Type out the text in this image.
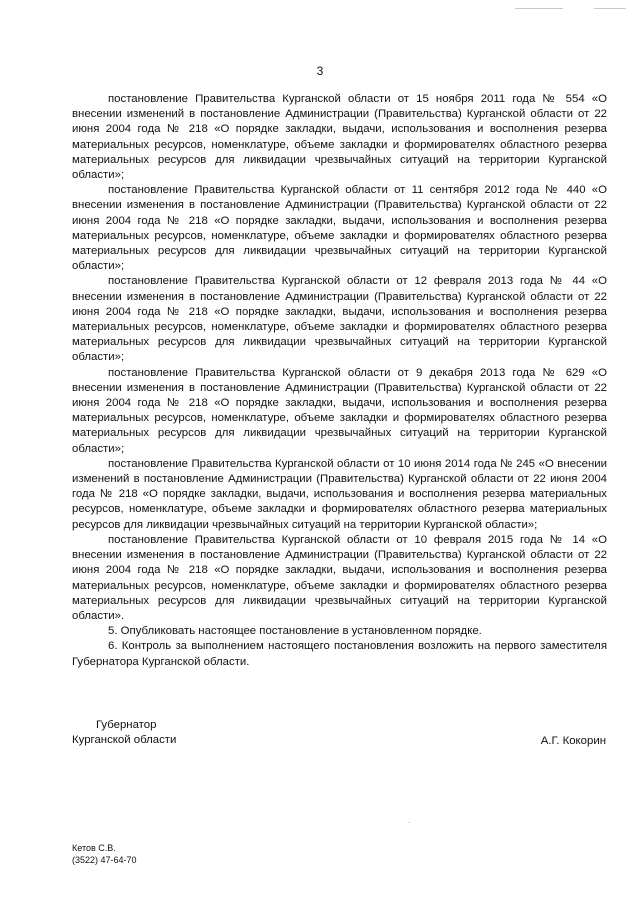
3

постановление Правительства Курганской области от 15 ноября 2011 года № 554 «О внесении изменений в постановление Администрации (Правительства) Курганской области от 22 июня 2004 года № 218 «О порядке закладки, выдачи, использования и восполнения резерва материальных ресурсов, номенклатуре, объеме закладки и формирователях областного резерва материальных ресурсов для ликвидации чрезвычайных ситуаций на территории Курганской области»;

постановление Правительства Курганской области от 11 сентября 2012 года № 440 «О внесении изменения в постановление Администрации (Правительства) Курганской области от 22 июня 2004 года № 218 «О порядке закладки, выдачи, использования и восполнения резерва материальных ресурсов, номенклатуре, объеме закладки и формирователях областного резерва материальных ресурсов для ликвидации чрезвычайных ситуаций на территории Курганской области»;

постановление Правительства Курганской области от 12 февраля 2013 года № 44 «О внесении изменения в постановление Администрации (Правительства) Курганской области от 22 июня 2004 года № 218 «О порядке закладки, выдачи, использования и восполнения резерва материальных ресурсов, номенклатуре, объеме закладки и формирователях областного резерва материальных ресурсов для ликвидации чрезвычайных ситуаций на территории Курганской области»;

постановление Правительства Курганской области от 9 декабря 2013 года № 629 «О внесении изменения в постановление Администрации (Правительства) Курганской области от 22 июня 2004 года № 218 «О порядке закладки, выдачи, использования и восполнения резерва материальных ресурсов, номенклатуре, объеме закладки и формирователях областного резерва материальных ресурсов для ликвидации чрезвычайных ситуаций на территории Курганской области»;

постановление Правительства Курганской области от 10 июня 2014 года № 245 «О внесении изменений в постановление Администрации (Правительства) Курганской области от 22 июня 2004 года № 218 «О порядке закладки, выдачи, использования и восполнения резерва материальных ресурсов, номенклатуре, объеме закладки и формирователях областного резерва материальных ресурсов для ликвидации чрезвычайных ситуаций на территории Курганской области»;

постановление Правительства Курганской области от 10 февраля 2015 года № 14 «О внесении изменения в постановление Администрации (Правительства) Курганской области от 22 июня 2004 года № 218 «О порядке закладки, выдачи, использования и восполнения резерва материальных ресурсов, номенклатуре, объеме закладки и формирователях областного резерва материальных ресурсов для ликвидации чрезвычайных ситуаций на территории Курганской области».

5. Опубликовать настоящее постановление в установленном порядке.

6. Контроль за выполнением настоящего постановления возложить на первого заместителя Губернатора Курганской области.

Губернатор
Курганской области	А.Г. Кокорин
Кетов С.В.
(3522) 47-64-70
